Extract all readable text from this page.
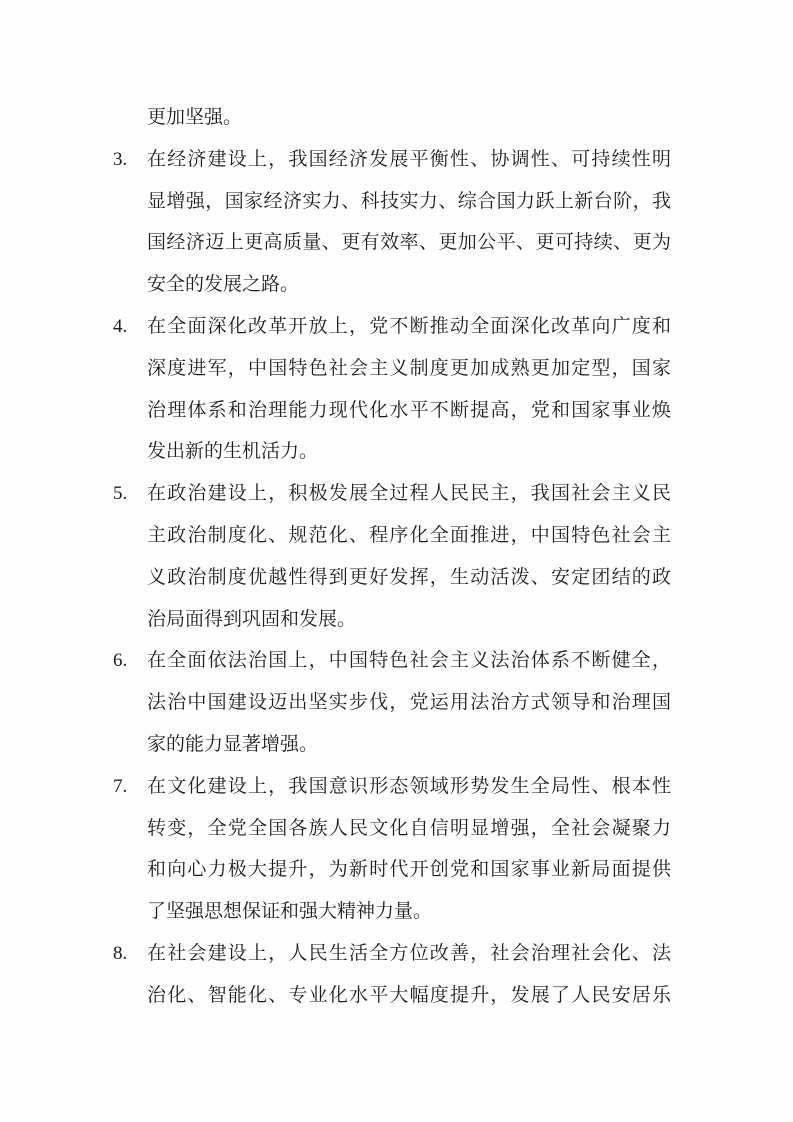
更加坚强。
3. 在经济建设上，我国经济发展平衡性、协调性、可持续性明
显增强，国家经济实力、科技实力、综合国力跃上新台阶，我
国经济迈上更高质量、更有效率、更加公平、更可持续、更为
安全的发展之路。
4. 在全面深化改革开放上，党不断推动全面深化改革向广度和
深度进军，中国特色社会主义制度更加成熟更加定型，国家
治理体系和治理能力现代化水平不断提高，党和国家事业焕
发出新的生机活力。
5. 在政治建设上，积极发展全过程人民民主，我国社会主义民
主政治制度化、规范化、程序化全面推进，中国特色社会主
义政治制度优越性得到更好发挥，生动活泼、安定团结的政
治局面得到巩固和发展。
6. 在全面依法治国上，中国特色社会主义法治体系不断健全，
法治中国建设迈出坚实步伐，党运用法治方式领导和治理国
家的能力显著增强。
7. 在文化建设上，我国意识形态领域形势发生全局性、根本性
转变，全党全国各族人民文化自信明显增强，全社会凝聚力
和向心力极大提升，为新时代开创党和国家事业新局面提供
了坚强思想保证和强大精神力量。
8. 在社会建设上，人民生活全方位改善，社会治理社会化、法
治化、智能化、专业化水平大幅度提升，发展了人民安居乐
